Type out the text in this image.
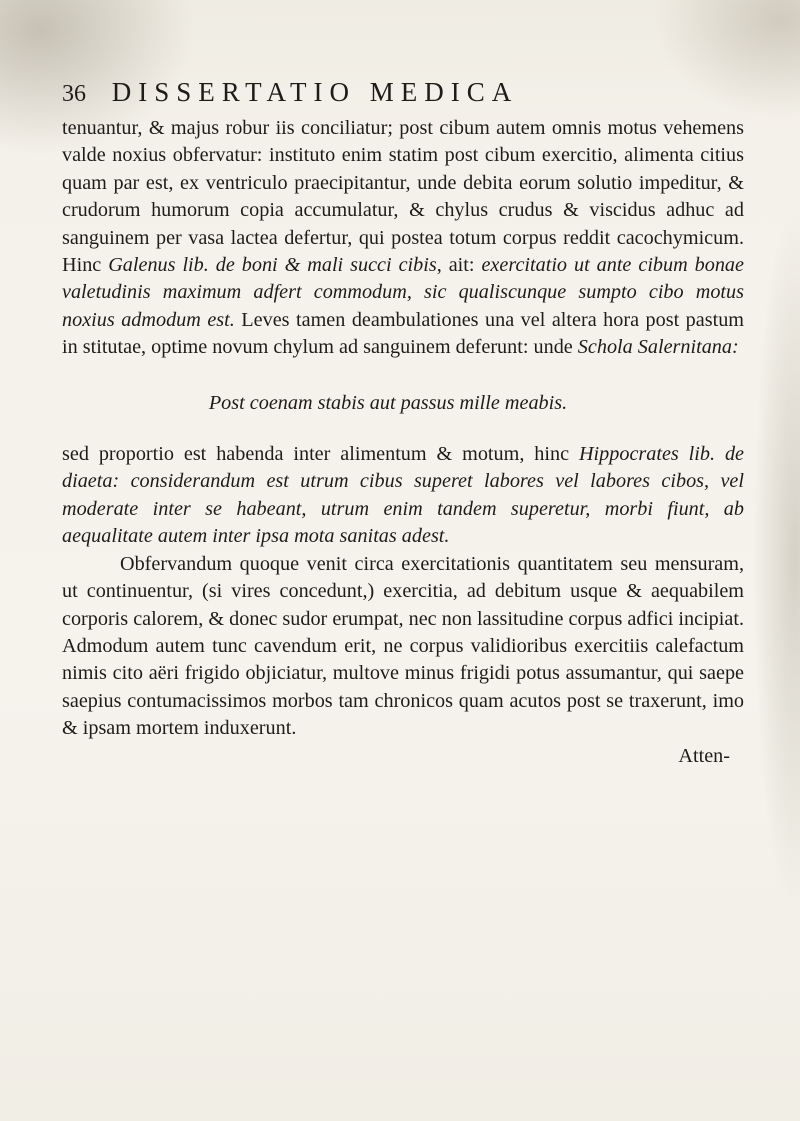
36 DISSERTATIO MEDICA

tenuantur, & majus robur iis conciliatur; post cibum autem omnis motus vehemens valde noxius obfervatur: instituto enim statim post cibum exercitio, alimenta citius quam par est, ex ventriculo praecipitantur, unde debita eorum solutio impeditur, & crudorum humorum copia accumulatur, & chylus crudus & viscidus adhuc ad sanguinem per vasa lactea defertur, qui postea totum corpus reddit cacochymicum. Hinc Galenus lib. de boni & mali succi cibis, ait: exercitatio ut ante cibum bonae valetudinis maximum adfert commodum, sic qualiscunque sumpto cibo motus noxius admodum est. Leves tamen deambulationes una vel altera hora post pastum in stitutae, optime novum chylum ad sanguinem deferunt: unde Schola Salernitana:

Post coenam stabis aut passus mille meabis.

sed proportio est habenda inter alimentum & motum, hinc Hippocrates lib. de diaeta: considerandum est utrum cibus superet labores vel labores cibos, vel moderate inter se habeant, utrum enim tandem superetur, morbi fiunt, ab aequalitate autem inter ipsa mota sanitas adest.

Obfervandum quoque venit circa exercitationis quantitatem seu mensuram, ut continuentur, (si vires concedunt,) exercitia, ad debitum usque & aequabilem corporis calorem, & donec sudor erumpat, nec non lassitudine corpus adfici incipiat. Admodum autem tunc cavendum erit, ne corpus validioribus exercitiis calefactum nimis cito aëri frigido objiciatur, multove minus frigidi potus assumantur, qui saepe saepius contumacissimos morbos tam chronicos quam acutos post se traxerunt, imo & ipsam mortem induxerunt.

Atten-
